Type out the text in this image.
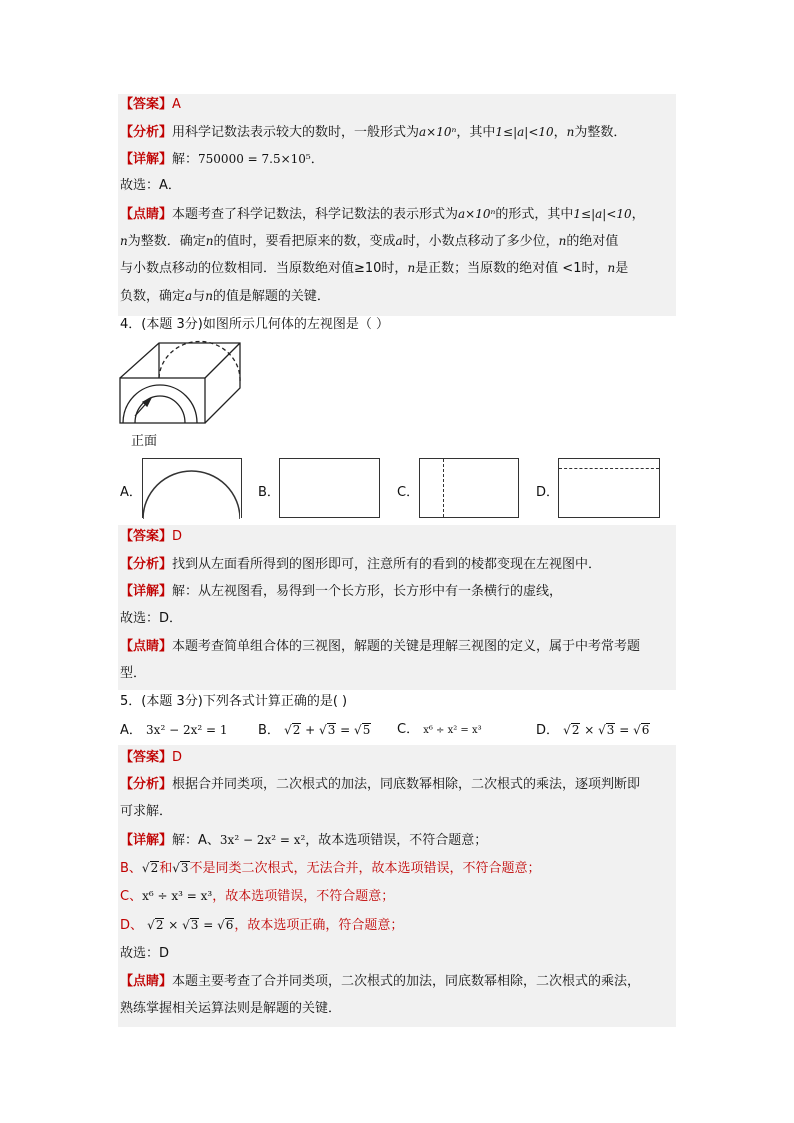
【答案】A
【分析】用科学记数法表示较大的数时，一般形式为a×10ⁿ，其中1≤|a|<10，n为整数．
【详解】解：750000 = 7.5×10⁵．
故选：A．
【点睛】本题考查了科学记数法，科学记数法的表示形式为a×10ⁿ的形式，其中1≤|a|<10，
n为整数．确定n的值时，要看把原来的数，变成a时，小数点移动了多少位，n的绝对值
与小数点移动的位数相同．当原数绝对值≥10时，n是正数；当原数的绝对值 <1时，n是
负数，确定a与n的值是解题的关键．
4．(本题 3分)如图所示几何体的左视图是（ ）
正面
A．	B．	C．	D．
【答案】D
【分析】找到从左面看所得到的图形即可，注意所有的看到的棱都变现在左视图中．
【详解】解：从左视图看，易得到一个长方形，长方形中有一条横行的虚线，
故选：D．
【点睛】本题考查简单组合体的三视图，解题的关键是理解三视图的定义，属于中考常考题
型．
5．(本题 3分)下列各式计算正确的是( )
A． 3x² − 2x² = 1	B． √2 + √3 = √5	C． x⁶ ÷ x² = x³	D． √2 × √3 = √6
【答案】D
【分析】根据合并同类项，二次根式的加法，同底数幂相除，二次根式的乘法，逐项判断即
可求解．
【详解】解：A、3x² − 2x² = x²，故本选项错误，不符合题意；
B、√2和√3不是同类二次根式，无法合并，故本选项错误，不符合题意；
C、x⁶ ÷ x³ = x³，故本选项错误，不符合题意；
D、 √2 × √3 = √6，故本选项正确，符合题意；
故选：D
【点睛】本题主要考查了合并同类项，二次根式的加法，同底数幂相除，二次根式的乘法，
熟练掌握相关运算法则是解题的关键．
